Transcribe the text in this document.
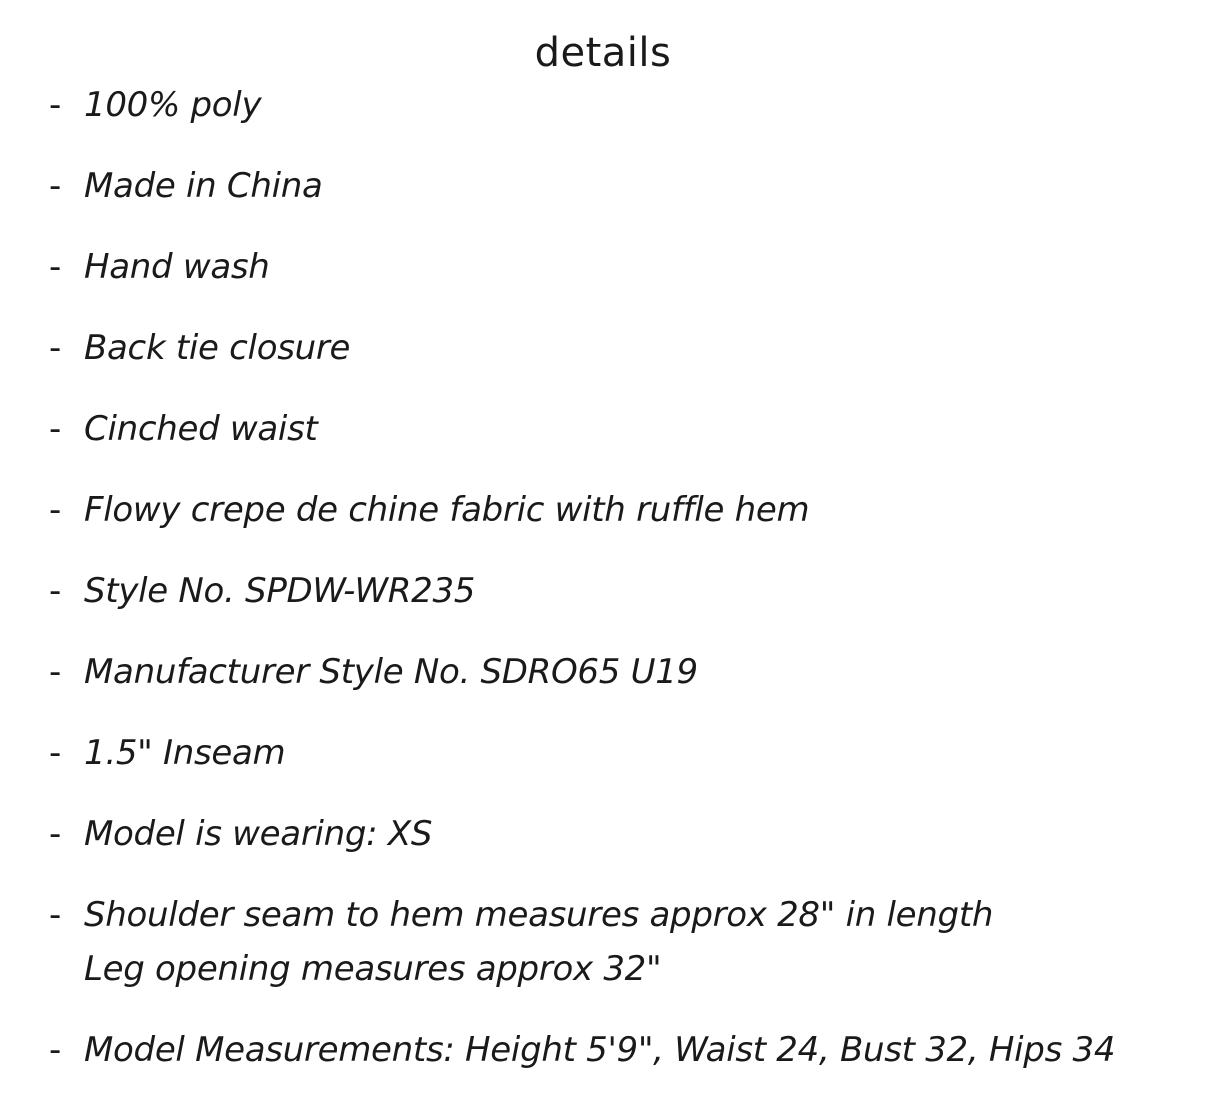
details
- 100% poly
- Made in China
- Hand wash
- Back tie closure
- Cinched waist
- Flowy crepe de chine fabric with ruffle hem
- Style No. SPDW-WR235
- Manufacturer Style No. SDRO65 U19
- 1.5" Inseam
- Model is wearing: XS
- Shoulder seam to hem measures approx 28" in length
Leg opening measures approx 32"
- Model Measurements: Height 5'9", Waist 24, Bust 32, Hips 34
